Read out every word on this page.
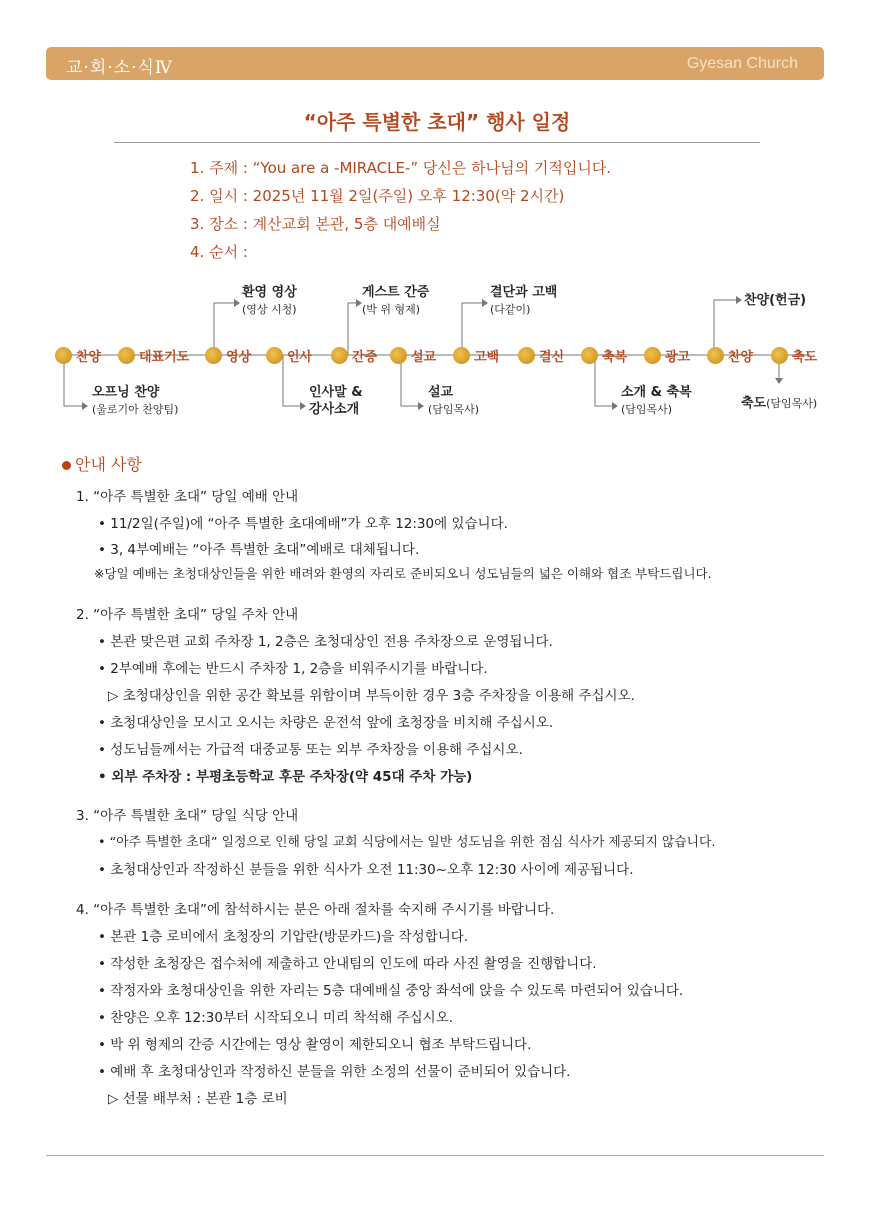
교·회·소·식Ⅳ	Gyesan Church
“아주 특별한 초대” 행사 일정
1. 주제 : “You are a -MIRACLE-” 당신은 하나님의 기적입니다.
2. 일시 : 2025년 11월 2일(주일) 오후 12:30(약 2시간)
3. 장소 : 계산교회 본관, 5층 대예배실
4. 순서 :
찬양	대표기도	영상	인사	간증	설교	고백	결신	축복	광고	찬양	축도
환영 영상
(영상 시청)
게스트 간증
(박 위 형제)
결단과 고백
(다같이)
찬양(헌금)
오프닝 찬양
(울로기아 찬양팀)
인사말 &
강사소개
설교
(담임목사)
소개 & 축복
(담임목사)	축도(담임목사)
안내 사항
1. “아주 특별한 초대” 당일 예배 안내
• 11/2일(주일)에 “아주 특별한 초대예배”가 오후 12:30에 있습니다.
• 3, 4부예배는 “아주 특별한 초대”예배로 대체됩니다.
※당일 예배는 초청대상인들을 위한 배려와 환영의 자리로 준비되오니 성도님들의 넓은 이해와 협조 부탁드립니다.
2. “아주 특별한 초대” 당일 주차 안내
• 본관 맞은편 교회 주차장 1, 2층은 초청대상인 전용 주차장으로 운영됩니다.
• 2부예배 후에는 반드시 주차장 1, 2층을 비워주시기를 바랍니다.
▷ 초청대상인을 위한 공간 확보를 위함이며 부득이한 경우 3층 주차장을 이용해 주십시오.
• 초청대상인을 모시고 오시는 차량은 운전석 앞에 초청장을 비치해 주십시오.
• 성도님들께서는 가급적 대중교통 또는 외부 주차장을 이용해 주십시오.
• 외부 주차장 : 부평초등학교 후문 주차장(약 45대 주차 가능)
3. “아주 특별한 초대” 당일 식당 안내
• “아주 특별한 초대” 일정으로 인해 당일 교회 식당에서는 일반 성도님을 위한 점심 식사가 제공되지 않습니다.
• 초청대상인과 작정하신 분들을 위한 식사가 오전 11:30~오후 12:30 사이에 제공됩니다.
4. “아주 특별한 초대”에 참석하시는 분은 아래 절차를 숙지해 주시기를 바랍니다.
• 본관 1층 로비에서 초청장의 기압란(방문카드)을 작성합니다.
• 작성한 초청장은 접수처에 제출하고 안내팀의 인도에 따라 사진 촬영을 진행합니다.
• 작정자와 초청대상인을 위한 자리는 5층 대예배실 중앙 좌석에 앉을 수 있도록 마련되어 있습니다.
• 찬양은 오후 12:30부터 시작되오니 미리 착석해 주십시오.
• 박 위 형제의 간증 시간에는 영상 촬영이 제한되오니 협조 부탁드립니다.
• 예배 후 초청대상인과 작정하신 분들을 위한 소정의 선물이 준비되어 있습니다.
▷ 선물 배부처 : 본관 1층 로비
